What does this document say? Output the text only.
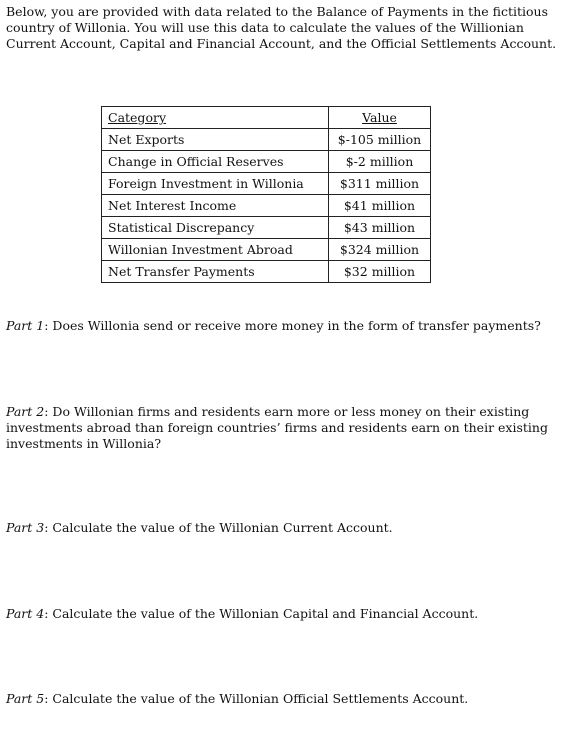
Below, you are provided with data related to the Balance of Payments in the fictitious country of Willonia. You will use this data to calculate the values of the Willionian Current Account, Capital and Financial Account, and the Official Settlements Account.

Category	Value
Net Exports	$-105 million
Change in Official Reserves	$-2 million
Foreign Investment in Willonia	$311 million
Net Interest Income	$41 million
Statistical Discrepancy	$43 million
Willonian Investment Abroad	$324 million
Net Transfer Payments	$32 million

Part 1: Does Willonia send or receive more money in the form of transfer payments?

Part 2: Do Willonian firms and residents earn more or less money on their existing investments abroad than foreign countries’ firms and residents earn on their existing investments in Willonia?

Part 3: Calculate the value of the Willonian Current Account.

Part 4: Calculate the value of the Willonian Capital and Financial Account.

Part 5: Calculate the value of the Willonian Official Settlements Account.
